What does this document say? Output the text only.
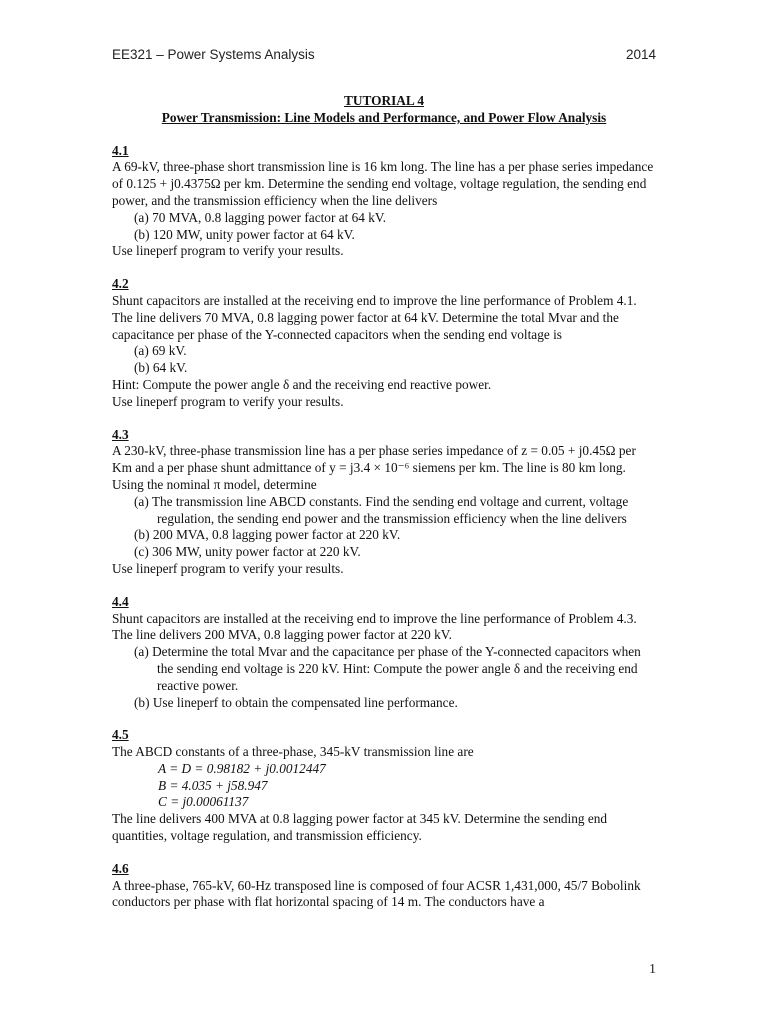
EE321 – Power Systems Analysis	2014
TUTORIAL 4
Power Transmission: Line Models and Performance, and Power Flow Analysis
4.1

A 69-kV, three-phase short transmission line is 16 km long. The line has a per phase series impedance of 0.125 + j0.4375Ω per km. Determine the sending end voltage, voltage regulation, the sending end power, and the transmission efficiency when the line delivers

(a) 70 MVA, 0.8 lagging power factor at 64 kV.
(b) 120 MW, unity power factor at 64 kV.
Use lineperf program to verify your results.
4.2

Shunt capacitors are installed at the receiving end to improve the line performance of Problem 4.1. The line delivers 70 MVA, 0.8 lagging power factor at 64 kV. Determine the total Mvar and the capacitance per phase of the Y-connected capacitors when the sending end voltage is

(a) 69 kV.
(b) 64 kV.
Hint: Compute the power angle δ and the receiving end reactive power.
Use lineperf program to verify your results.
4.3

A 230-kV, three-phase transmission line has a per phase series impedance of z = 0.05 + j0.45Ω per Km and a per phase shunt admittance of y = j3.4 × 10⁻⁶ siemens per km. The line is 80 km long. Using the nominal π model, determine

(a) The transmission line ABCD constants. Find the sending end voltage and current, voltage regulation, the sending end power and the transmission efficiency when the line delivers
(b) 200 MVA, 0.8 lagging power factor at 220 kV.
(c) 306 MW, unity power factor at 220 kV.
Use lineperf program to verify your results.
4.4

Shunt capacitors are installed at the receiving end to improve the line performance of Problem 4.3. The line delivers 200 MVA, 0.8 lagging power factor at 220 kV.

(a) Determine the total Mvar and the capacitance per phase of the Y-connected capacitors when the sending end voltage is 220 kV. Hint: Compute the power angle δ and the receiving end reactive power.
(b) Use lineperf to obtain the compensated line performance.
4.5

The ABCD constants of a three-phase, 345-kV transmission line are

A = D = 0.98182 + j0.0012447
B = 4.035 + j58.947
C = j0.00061137
The line delivers 400 MVA at 0.8 lagging power factor at 345 kV. Determine the sending end quantities, voltage regulation, and transmission efficiency.
4.6

A three-phase, 765-kV, 60-Hz transposed line is composed of four ACSR 1,431,000, 45/7 Bobolink conductors per phase with flat horizontal spacing of 14 m. The conductors have a

1
